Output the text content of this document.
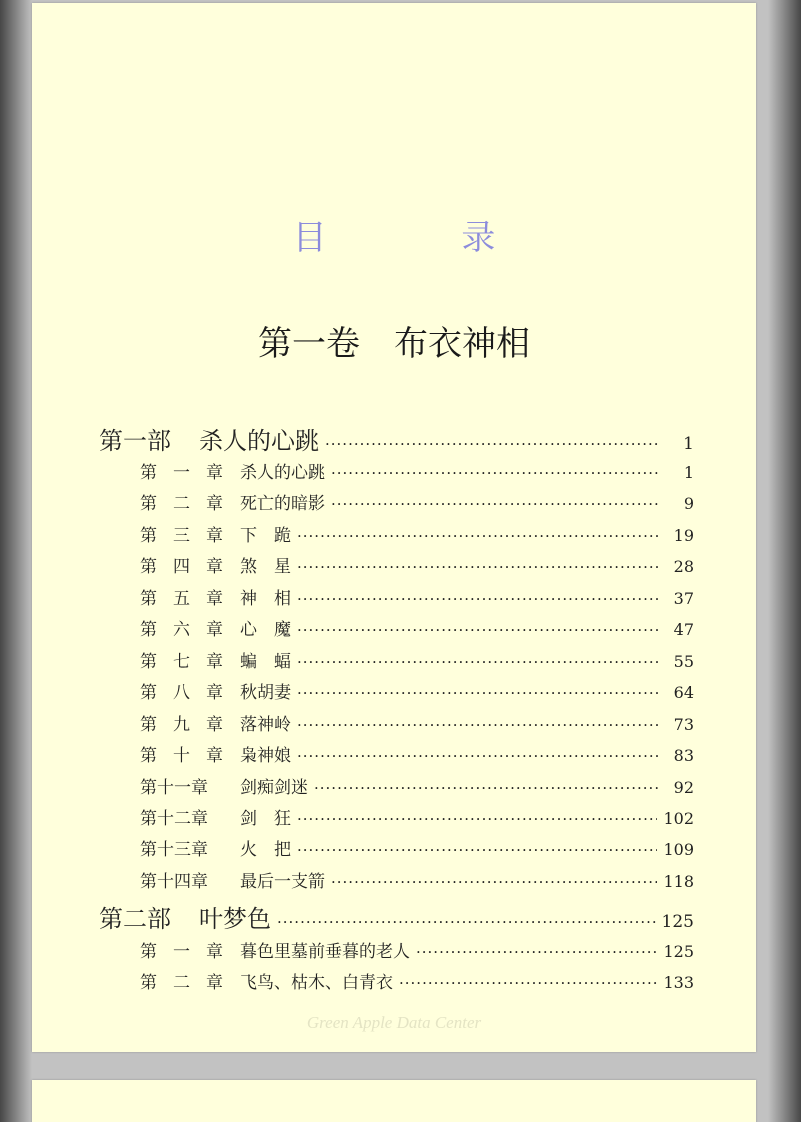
目 录
第一卷　布衣神相
第一部 杀人的心跳 ·····	1
第一章杀人的心跳 ·····	1
第二章死亡的暗影 ·····	9
第三章下　跪 ·····	19
第四章煞　星 ·····	28
第五章神　相 ·····	37
第六章心　魔 ·····	47
第七章蝙　蝠 ·····	55
第八章秋胡妻 ·····	64
第九章落神岭 ·····	73
第十章枭神娘 ·····	83
第十一章 剑痴剑迷 ·····	92
第十二章 剑　狂 ·····	102
第十三章 火　把 ·····	109
第十四章 最后一支箭 ·····	118
第二部 叶梦色 ·····	125
第一章暮色里墓前垂暮的老人 ·····	125
第二章飞鸟、枯木、白青衣 ·····	133
Green Apple Data Center
